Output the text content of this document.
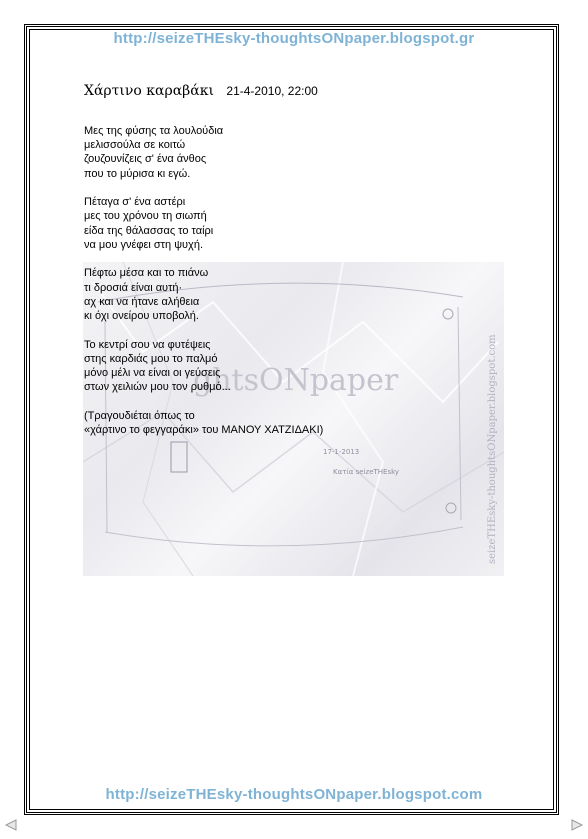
http://seizeTHEsky-thoughtsONpaper.blogspot.gr
Χάρτινο καραβάκι 21-4-2010, 22:00
ghtsONpaper
17-1-2013
Κατία seizeTHEsky	seizeTHEsky-thoughtsONpaper.blogspot.com
Μες της φύσης τα λουλούδια
μελισσούλα σε κοιτώ
ζουζουνίζεις σ' ένα άνθος
που το μύρισα κι εγώ.
Πέταγα σ' ένα αστέρι
μες του χρόνου τη σιωπή
είδα της θάλασσας το ταίρι
να μου γνέφει στη ψυχή.
Πέφτω μέσα και το πιάνω
τι δροσιά είναι αυτή·
αχ και να ήτανε αλήθεια
κι όχι ονείρου υποβολή.
Το κεντρί σου να φυτέψεις
στης καρδιάς μου το παλμό
μόνο μέλι να είναι οι γεύσεις
στων χειλιών μου τον ρυθμό...
(Τραγουδιέται όπως το
«χάρτινο το φεγγαράκι» του ΜΑΝΟΥ ΧΑΤΖΙΔΑΚΙ)
http://seizeTHEsky-thoughtsONpaper.blogspot.com
